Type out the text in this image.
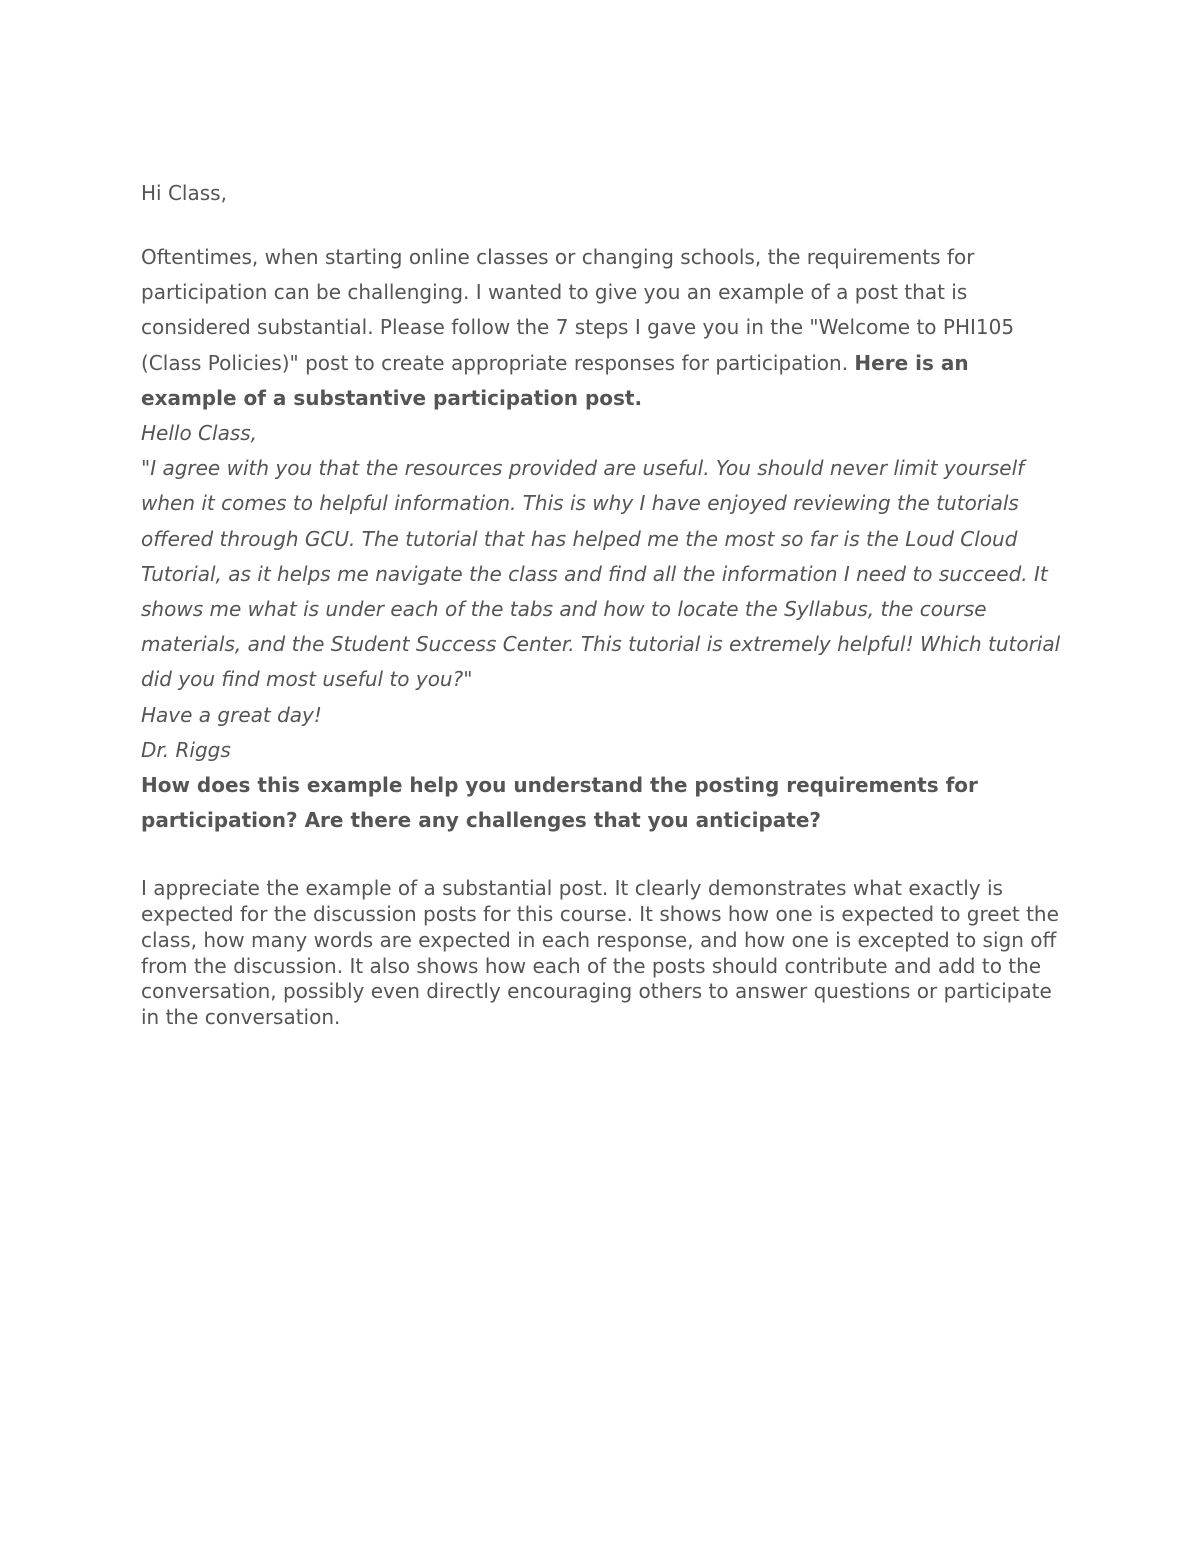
Hi Class,

Oftentimes, when starting online classes or changing schools, the requirements for participation can be challenging. I wanted to give you an example of a post that is considered substantial. Please follow the 7 steps I gave you in the "Welcome to PHI105 (Class Policies)" post to create appropriate responses for participation. Here is an example of a substantive participation post.

Hello Class,

"I agree with you that the resources provided are useful. You should never limit yourself when it comes to helpful information. This is why I have enjoyed reviewing the tutorials offered through GCU. The tutorial that has helped me the most so far is the Loud Cloud Tutorial, as it helps me navigate the class and find all the information I need to succeed. It shows me what is under each of the tabs and how to locate the Syllabus, the course materials, and the Student Success Center. This tutorial is extremely helpful! Which tutorial did you find most useful to you?"

Have a great day!

Dr. Riggs

How does this example help you understand the posting requirements for participation? Are there any challenges that you anticipate?

I appreciate the example of a substantial post. It clearly demonstrates what exactly is expected for the discussion posts for this course. It shows how one is expected to greet the class, how many words are expected in each response, and how one is excepted to sign off from the discussion. It also shows how each of the posts should contribute and add to the conversation, possibly even directly encouraging others to answer questions or participate in the conversation.
